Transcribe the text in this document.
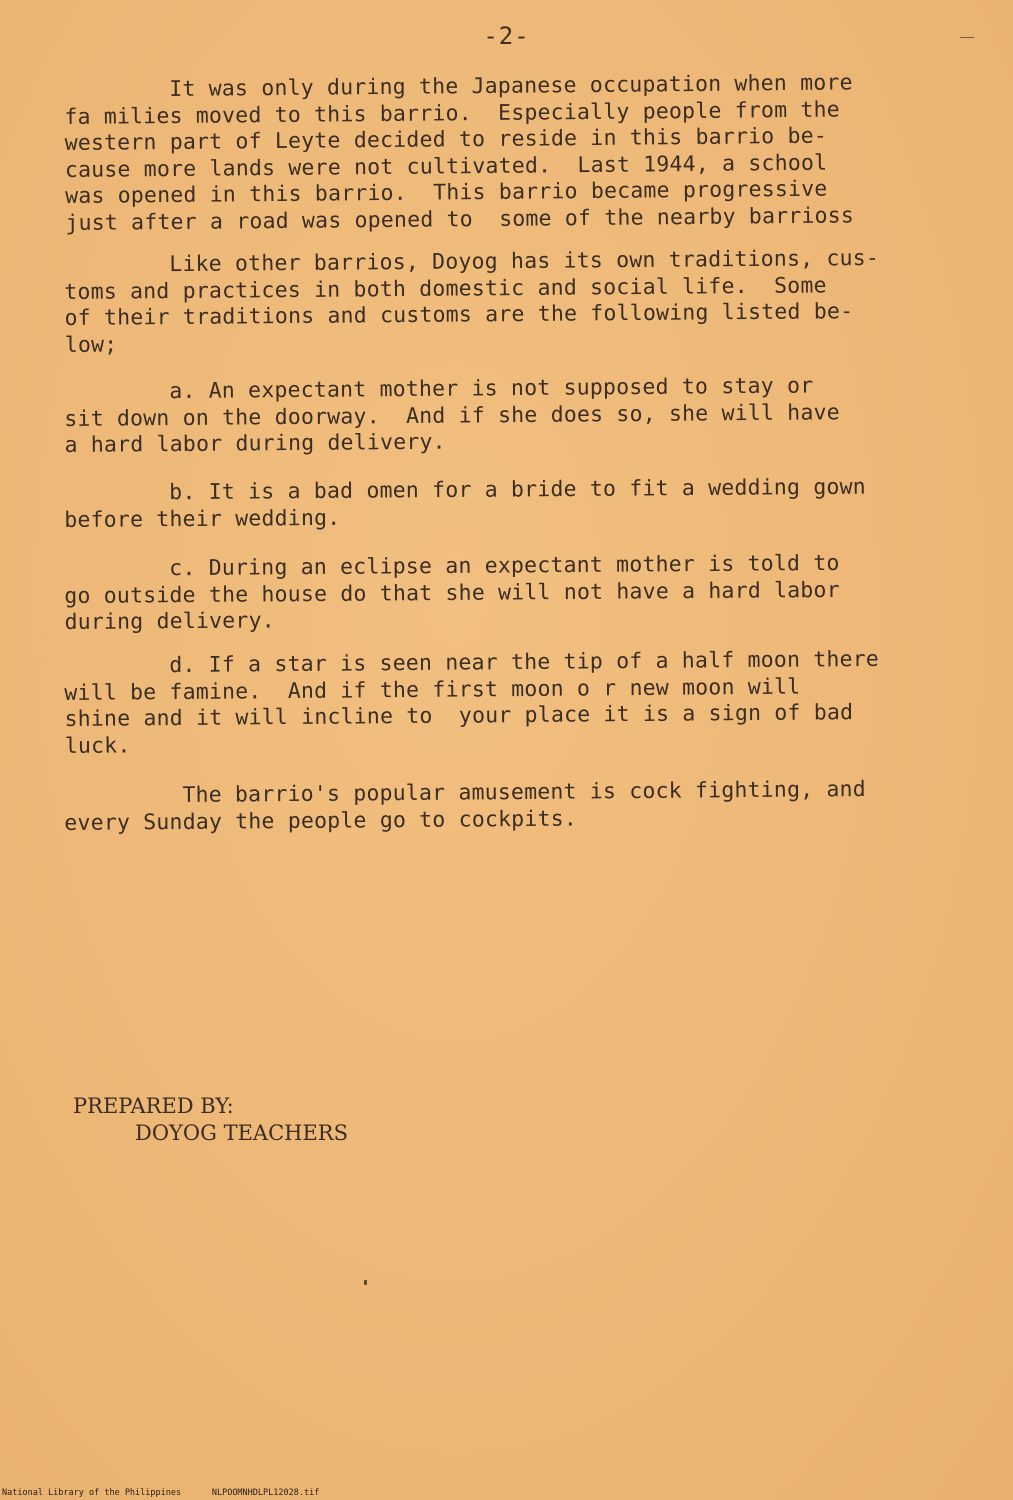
-2-
It was only during the Japanese occupation when more
fa milies moved to this barrio.  Especially people from the
western part of Leyte decided to reside in this barrio be-
cause more lands were not cultivated.  Last 1944, a school
was opened in this barrio.  This barrio became progressive
just after a road was opened to  some of the nearby barrioss
Like other barrios, Doyog has its own traditions, cus-
toms and practices in both domestic and social life.  Some
of their traditions and customs are the following listed be-
low;
a. An expectant mother is not supposed to stay or
sit down on the doorway.  And if she does so, she will have
a hard labor during delivery.
b. It is a bad omen for a bride to fit a wedding gown
before their wedding.
c. During an eclipse an expectant mother is told to
go outside the house do that she will not have a hard labor
during delivery.
d. If a star is seen near the tip of a half moon there
will be famine.  And if the first moon o r new moon will
shine and it will incline to  your place it is a sign of bad
luck.
The barrio's popular amusement is cock fighting, and
every Sunday the people go to cockpits.
PREPARED BY:
DOYOG TEACHERS
National Library of the Philippines	NLPOOMNHDLPL12028.tif
